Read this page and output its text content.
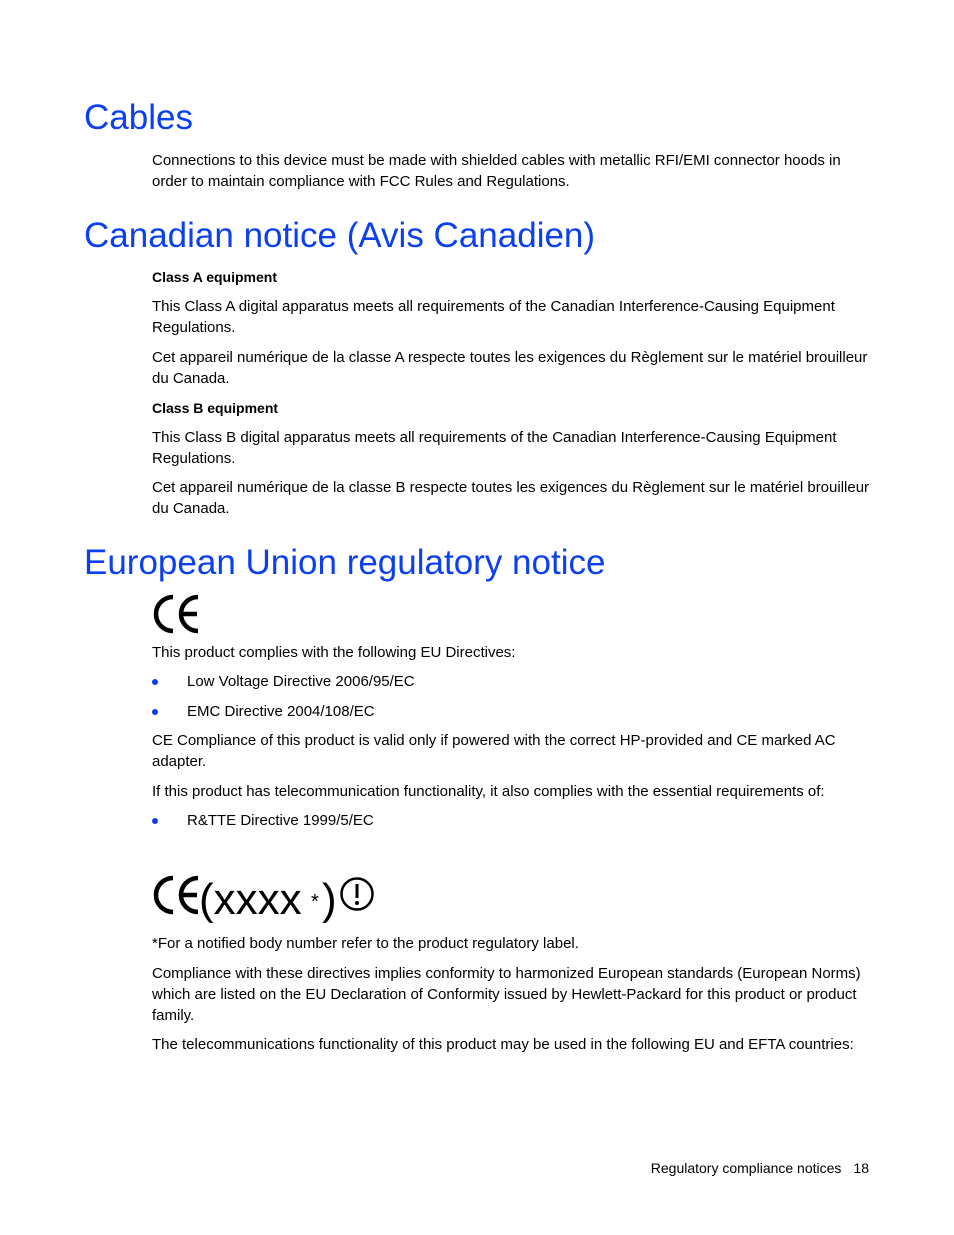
Cables

Connections to this device must be made with shielded cables with metallic RFI/EMI connector hoods in order to maintain compliance with FCC Rules and Regulations.

Canadian notice (Avis Canadien)

Class A equipment

This Class A digital apparatus meets all requirements of the Canadian Interference-Causing Equipment Regulations.

Cet appareil numérique de la classe A respecte toutes les exigences du Règlement sur le matériel brouilleur du Canada.

Class B equipment

This Class B digital apparatus meets all requirements of the Canadian Interference-Causing Equipment Regulations.

Cet appareil numérique de la classe B respecte toutes les exigences du Règlement sur le matériel brouilleur du Canada.

European Union regulatory notice

This product complies with the following EU Directives:

Low Voltage Directive 2006/95/EC
EMC Directive 2004/108/EC

CE Compliance of this product is valid only if powered with the correct HP-provided and CE marked AC adapter.

If this product has telecommunication functionality, it also complies with the essential requirements of:

R&TTE Directive 1999/5/EC
(xxxx * )

*For a notified body number refer to the product regulatory label.

Compliance with these directives implies conformity to harmonized European standards (European Norms) which are listed on the EU Declaration of Conformity issued by Hewlett-Packard for this product or product family.

The telecommunications functionality of this product may be used in the following EU and EFTA countries:

Regulatory compliance notices 18
